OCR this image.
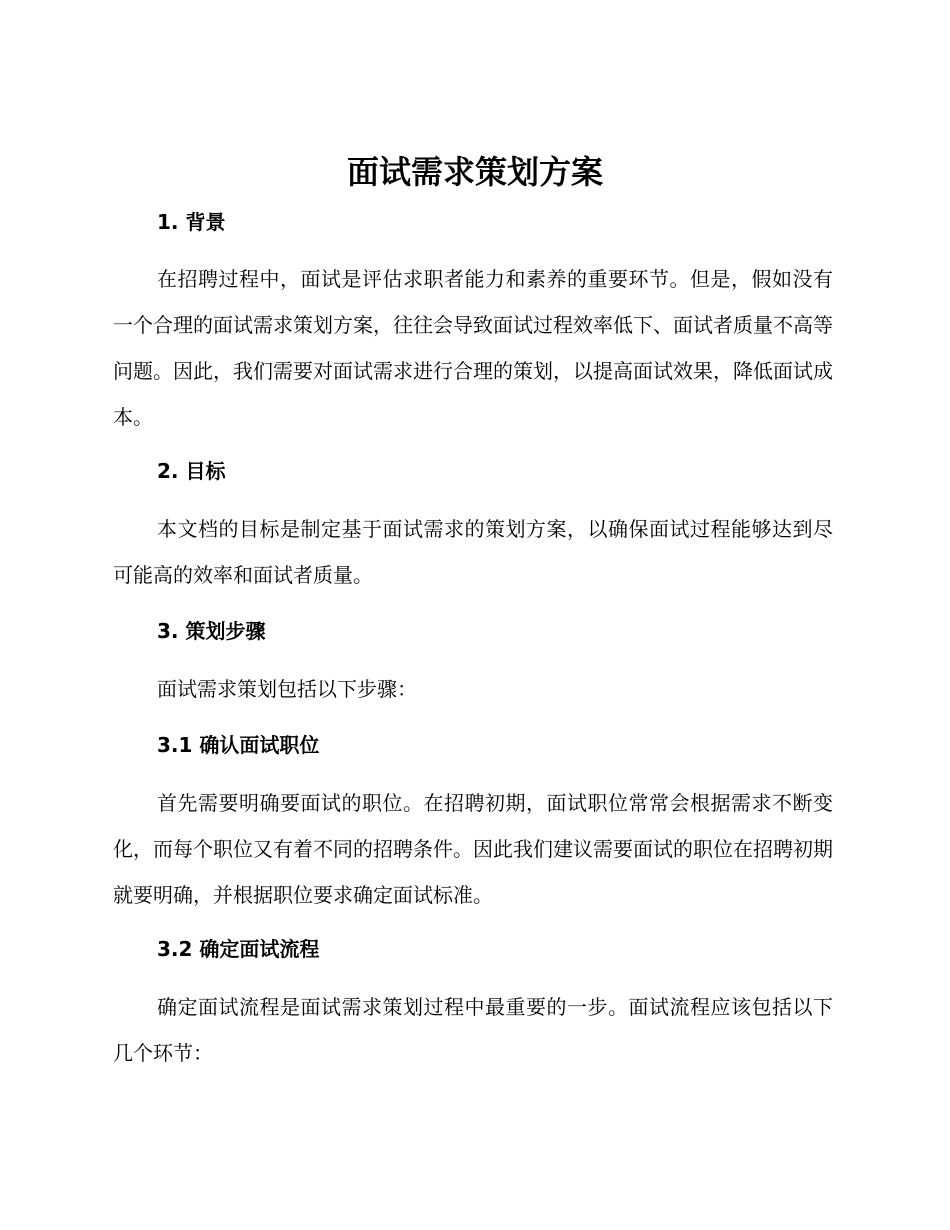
面试需求策划方案
1. 背景

在招聘过程中，面试是评估求职者能力和素养的重要环节。但是，假如没有一个合理的面试需求策划方案，往往会导致面试过程效率低下、面试者质量不高等问题。因此，我们需要对面试需求进行合理的策划，以提高面试效果，降低面试成本。

2. 目标

本文档的目标是制定基于面试需求的策划方案，以确保面试过程能够达到尽可能高的效率和面试者质量。

3. 策划步骤

面试需求策划包括以下步骤：

3.1 确认面试职位

首先需要明确要面试的职位。在招聘初期，面试职位常常会根据需求不断变化，而每个职位又有着不同的招聘条件。因此我们建议需要面试的职位在招聘初期就要明确，并根据职位要求确定面试标准。

3.2 确定面试流程

确定面试流程是面试需求策划过程中最重要的一步。面试流程应该包括以下几个环节：
